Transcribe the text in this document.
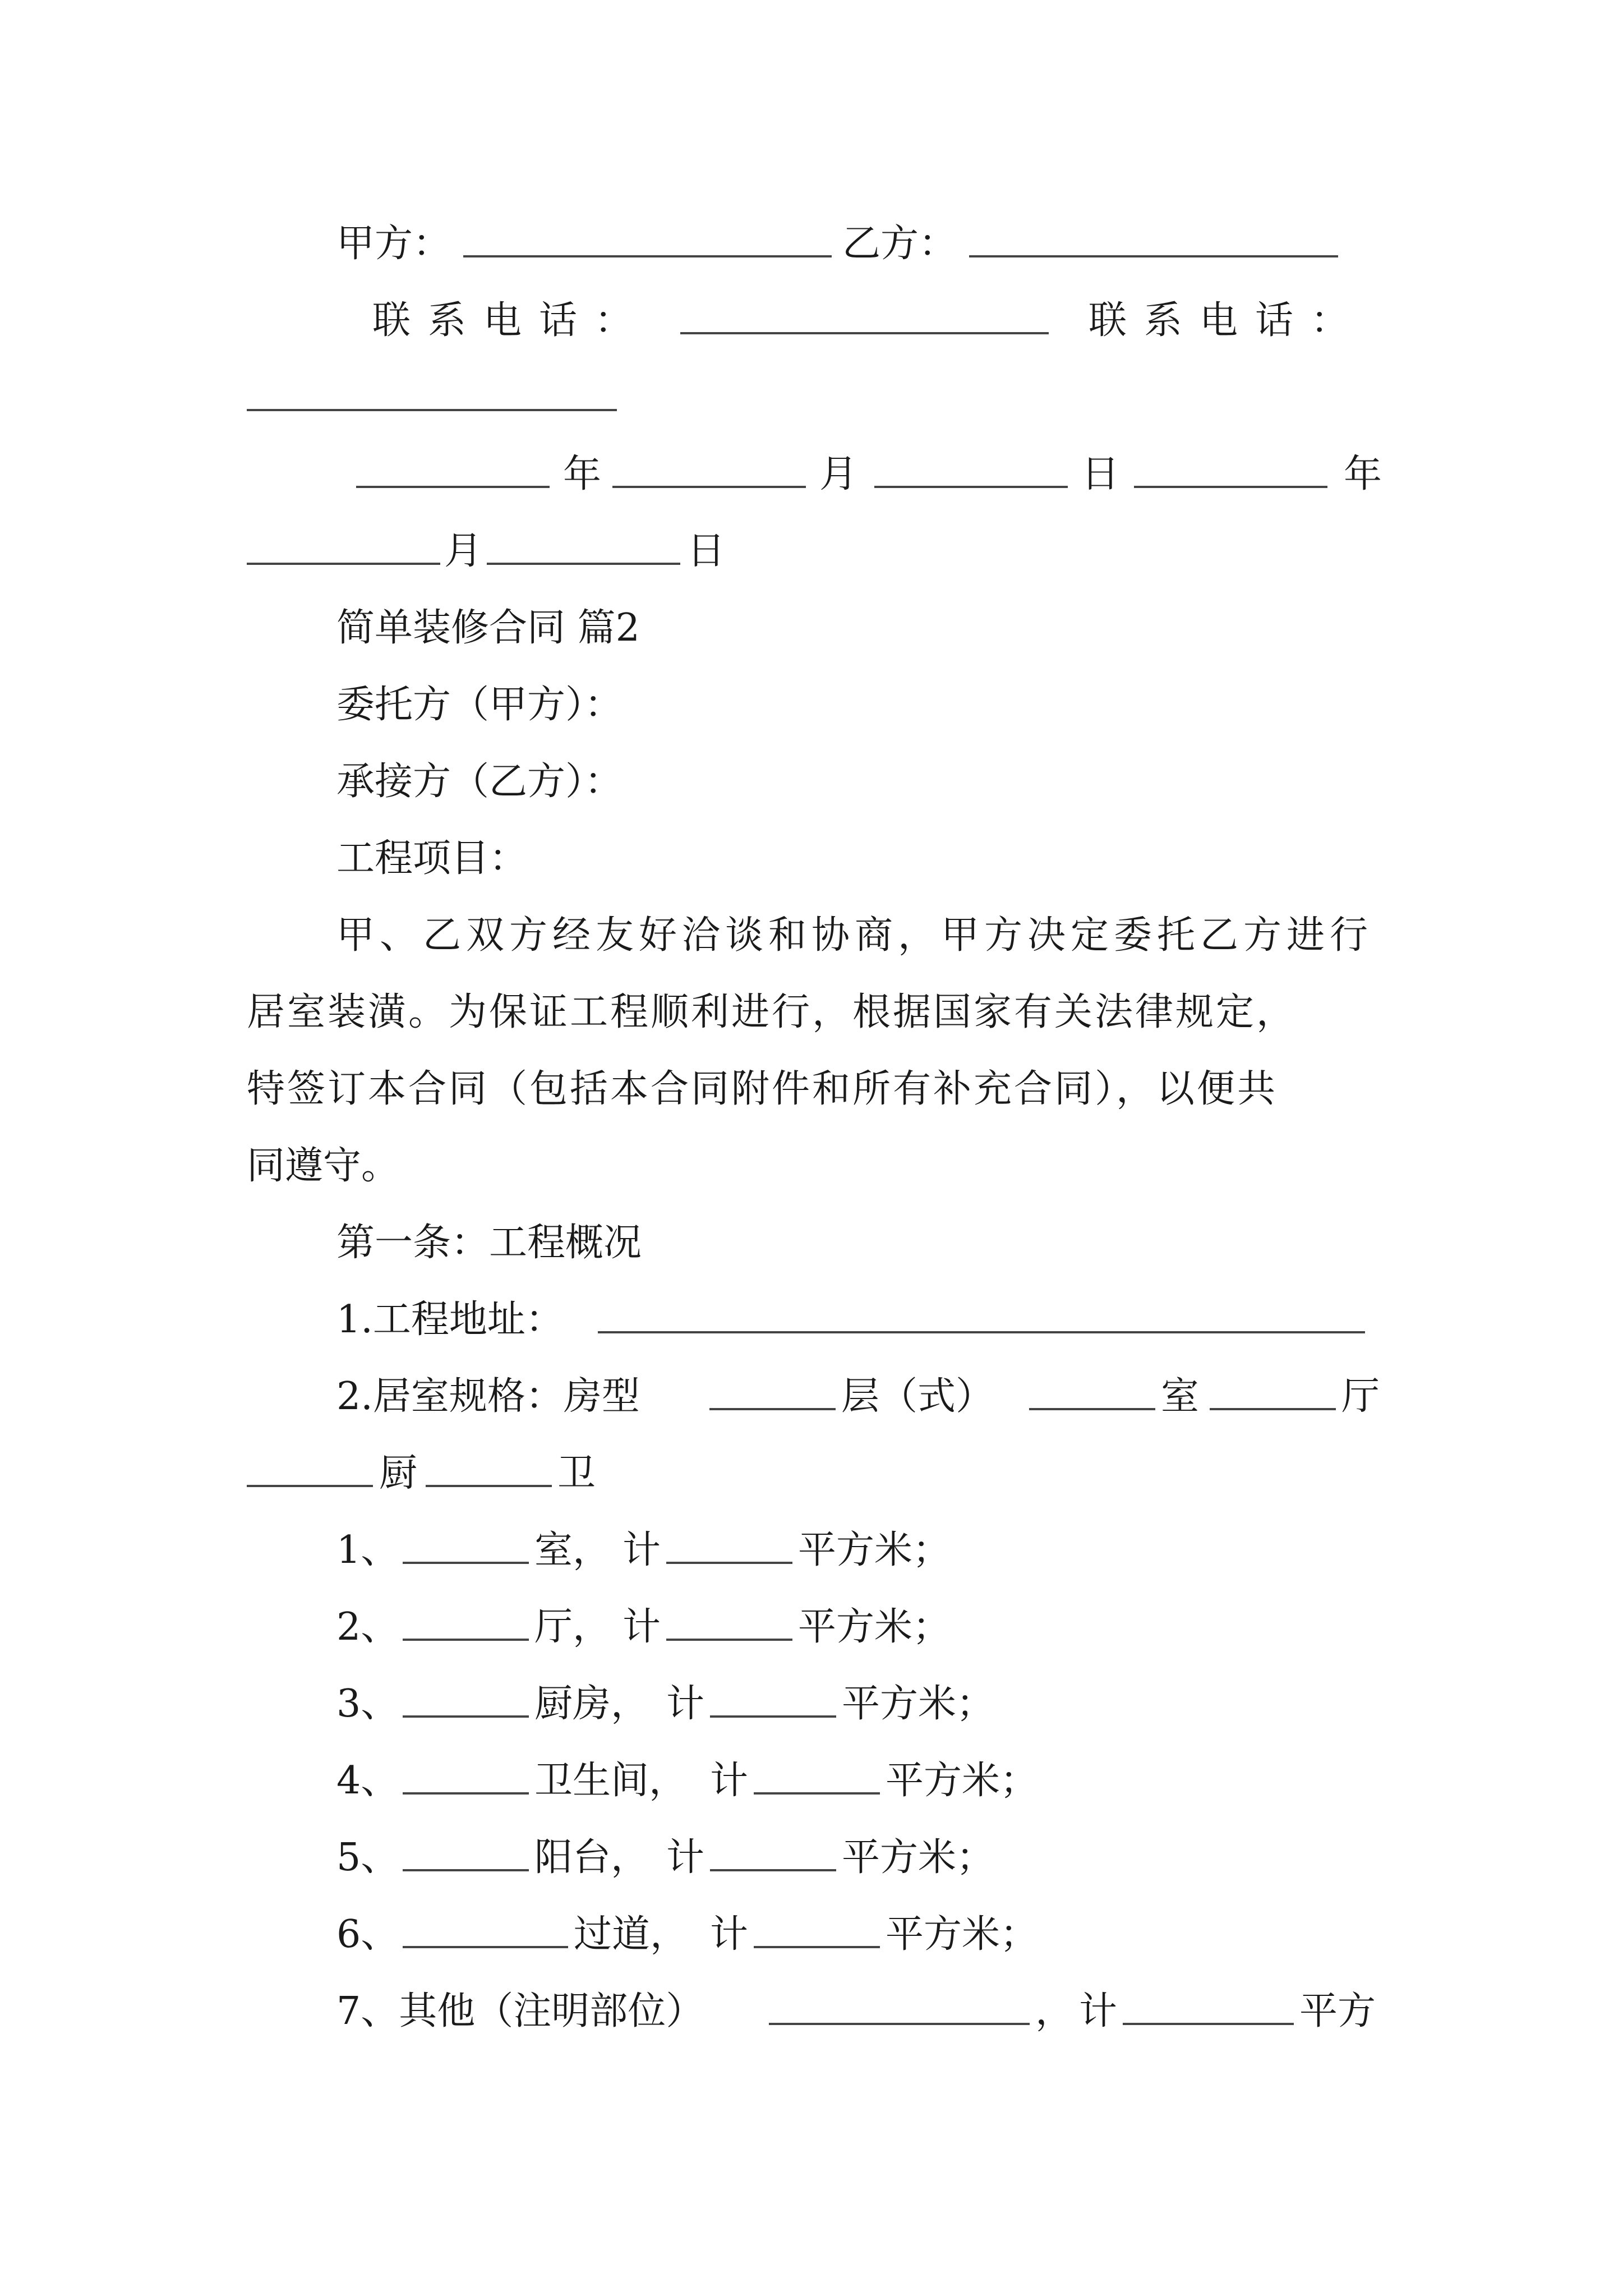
甲方：	乙方：
联系电话：	联系电话：
年	月	日	年
月	日
简单装修合同 篇2
委托方（甲方）：
承接方（乙方）：
工程项目：
甲、乙双方经友好洽谈和协商，甲方决定委托乙方进行
居室装潢。为保证工程顺利进行，根据国家有关法律规定，
特签订本合同（包括本合同附件和所有补充合同），以便共
同遵守。
第一条：工程概况
1.工程地址：
2.居室规格：房型	层（式）	室	厅
厨	卫
1、	室， 计	平方米；
2、	厅， 计	平方米；
3、	厨房， 计	平方米；
4、	卫生间， 计	平方米；
5、	阳台， 计	平方米；
6、	过道， 计	平方米；
7、其他（注明部位）	， 计	平方
